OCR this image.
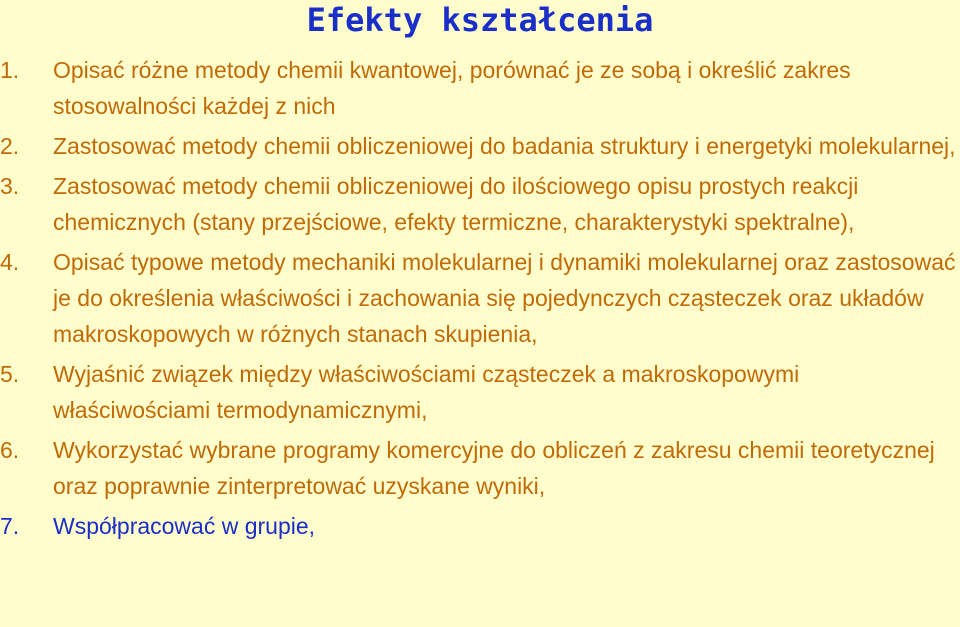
Efekty kształcenia
1.	Opisać różne metody chemii kwantowej, porównać je ze sobą i określić zakres stosowalności każdej z nich
2.	Zastosować metody chemii obliczeniowej do badania struktury i energetyki molekularnej,
3.	Zastosować metody chemii obliczeniowej do ilościowego opisu prostych reakcji chemicznych (stany przejściowe, efekty termiczne, charakterystyki spektralne),
4.	Opisać typowe metody mechaniki molekularnej i dynamiki molekularnej oraz zastosować je do określenia właściwości i zachowania się pojedynczych cząsteczek oraz układów makroskopowych w różnych stanach skupienia,
5.	Wyjaśnić związek między właściwościami cząsteczek a makroskopowymi właściwościami termodynamicznymi,
6.	Wykorzystać wybrane programy komercyjne do obliczeń z zakresu chemii teoretycznej oraz poprawnie zinterpretować uzyskane wyniki,
7.	Współpracować w grupie,
